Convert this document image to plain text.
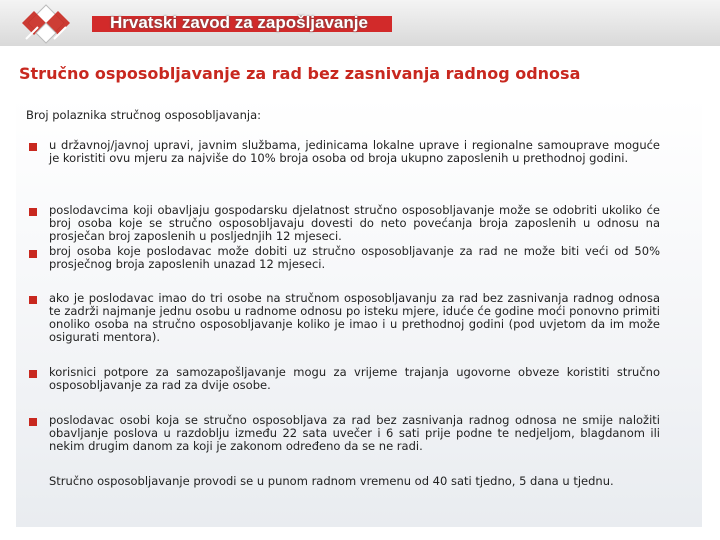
Hrvatski zavod za zapošljavanje
Stručno osposobljavanje za rad bez zasnivanja radnog odnosa
Broj polaznika stručnog osposobljavanja:
u državnoj/javnoj upravi, javnim službama, jedinicama lokalne uprave i regionalne samouprave moguće je koristiti ovu mjeru za najviše do 10% broja osoba od broja ukupno zaposlenih u prethodnoj godini.
poslodavcima koji obavljaju gospodarsku djelatnost stručno osposobljavanje može se odobriti ukoliko će broj osoba koje se stručno osposobljavaju dovesti do neto povećanja broja zaposlenih u odnosu na prosječan broj zaposlenih u posljednjih 12 mjeseci.
broj osoba koje poslodavac može dobiti uz stručno osposobljavanje za rad ne može biti veći od 50% prosječnog broja zaposlenih unazad 12 mjeseci.
ako je poslodavac imao do tri osobe na stručnom osposobljavanju za rad bez zasnivanja radnog odnosa te zadrži najmanje jednu osobu u radnome odnosu po isteku mjere, iduće će godine moći ponovno primiti onoliko osoba na stručno osposobljavanje koliko je imao i u prethodnoj godini (pod uvjetom da im može osigurati mentora).
korisnici potpore za samozapošljavanje mogu za vrijeme trajanja ugovorne obveze koristiti stručno osposobljavanje za rad za dvije osobe.
poslodavac osobi koja se stručno osposobljava za rad bez zasnivanja radnog odnosa ne smije naložiti obavljanje poslova u razdoblju između 22 sata uvečer i 6 sati prije podne te nedjeljom, blagdanom ili nekim drugim danom za koji je zakonom određeno da se ne radi.
Stručno osposobljavanje provodi se u punom radnom vremenu od 40 sati tjedno, 5 dana u tjednu.
